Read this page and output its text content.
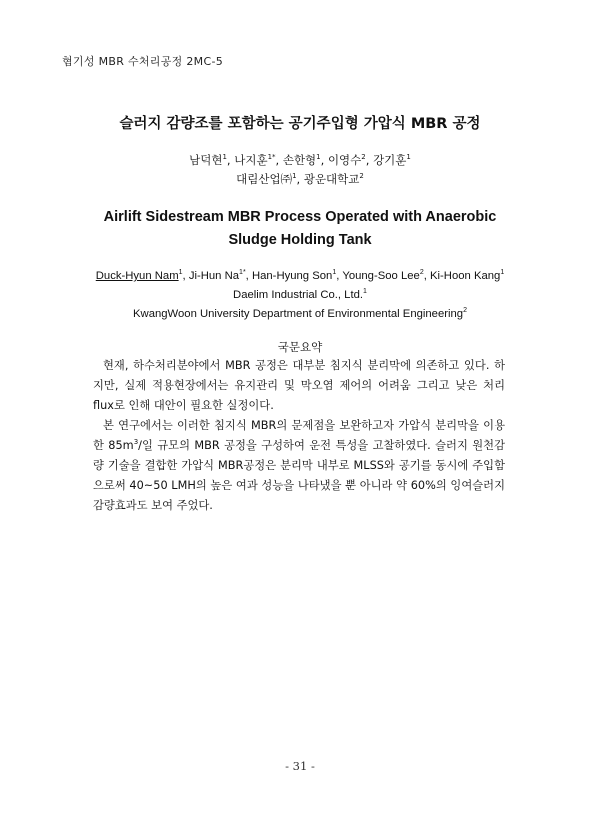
혐기성 MBR 수처리공정 2MC-5
슬러지 감량조를 포함하는 공기주입형 가압식 MBR 공정
남덕현$^1$, 나지훈$^{1*}$, 손한형$^1$, 이영수$^2$, 강기훈$^1$
대림산업㈜$^1$, 광운대학교$^2$
Airlift Sidestream MBR Process Operated with Anaerobic
Sludge Holding Tank
Duck-Hyun Nam$^1$, Ji-Hun $Na^{1*}$, Han-Hyung Son$^1$, Young-Soo Lee$^2$, Ki-Hoon Kang$^1$
Daelim Industrial Co., Ltd.$^1$
KwangWoon University Department of Environmental Engineering$^2$
국문요약

현재, 하수처리분야에서 MBR 공정은 대부분 침지식 분리막에 의존하고 있다. 하지만, 실제 적용현장에서는 유지관리 및 막오염 제어의 어려움 그리고 낮은 처리 flux로 인해 대안이 필요한 실정이다.

본 연구에서는 이러한 침지식 MBR의 문제점을 보완하고자 가압식 분리막을 이용한 $85m^3/$일 규모의 MBR 공정을 구성하여 운전 특성을 고찰하였다. 슬러지 원천감량 기술을 결합한 가압식 MBR공정은 분리막 내부로 MLSS와 공기를 동시에 주입함으로써 40~50 LMH의 높은 여과 성능을 나타냈을 뿐 아니라 약 60%의 잉여슬러지 감량효과도 보여 주었다.

- 31 -
